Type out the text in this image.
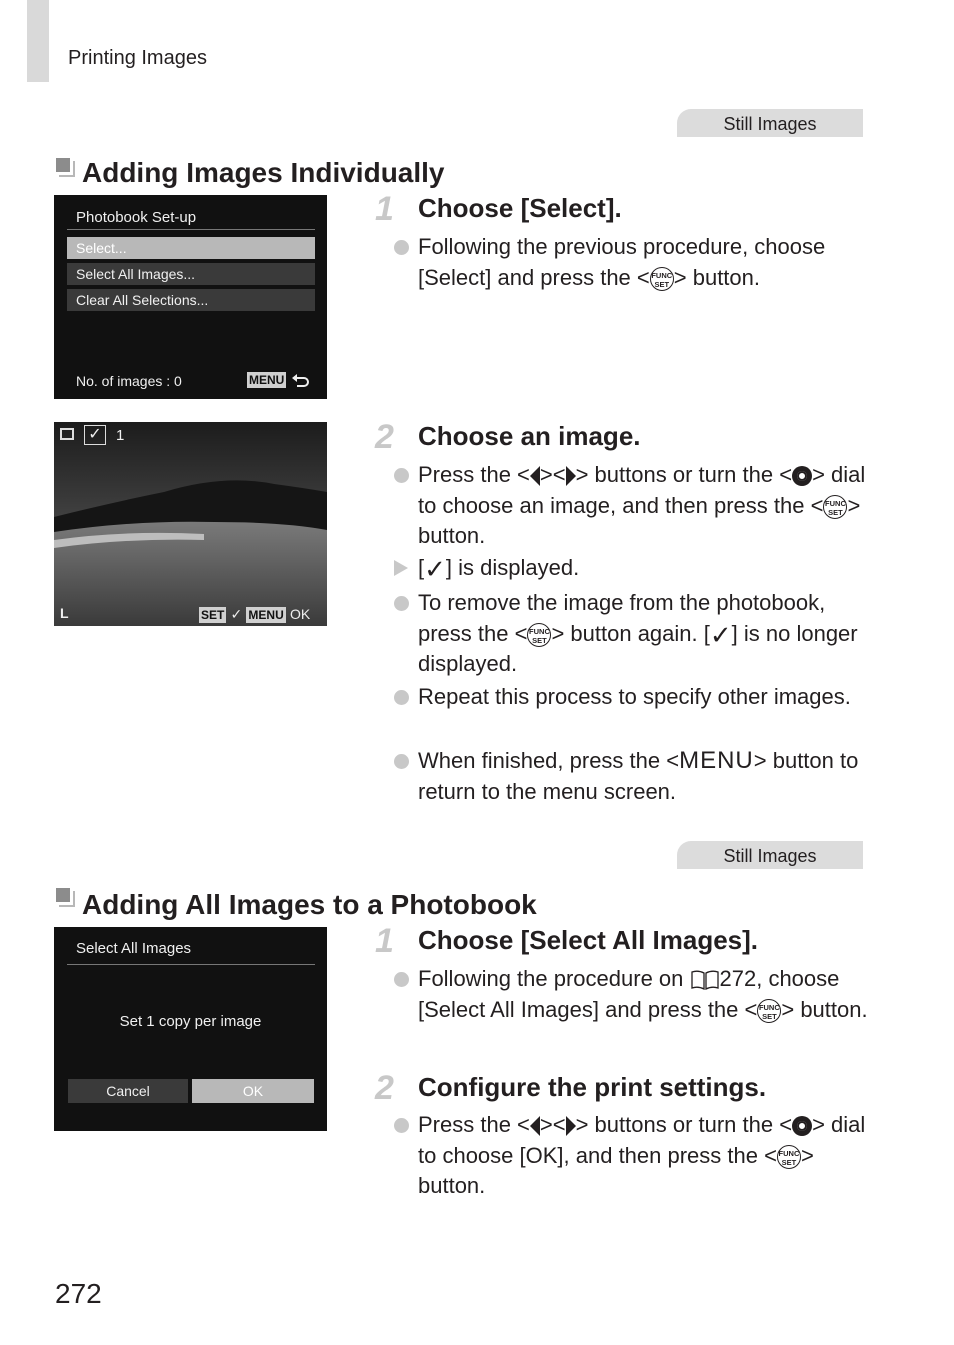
Printing Images
Still Images
Adding Images Individually
Photobook Set-up
Select...
Select All Images...
Clear All Selections...
No. of images : 0	MENU
1 Choose [Select].
Following the previous procedure, choose [Select] and press the < FUNC
SET > button.
✓ 1
L	SET ✓ MENU OK
2 Choose an image.
Press the < >< > buttons or turn the < > dial to choose an image, and then press the < FUNC
SET > button.
[✓] is displayed.
To remove the image from the photobook, press the < FUNC
SET > button again. [✓] is no longer displayed.
Repeat this process to specify other images.
When finished, press the <MENU> button to return to the menu screen.
Still Images
Adding All Images to a Photobook
Select All Images
Set 1 copy per image
Cancel	OK
1 Choose [Select All Images].
Following the procedure on 272, choose [Select All Images] and press the < FUNC
SET > button.
2 Configure the print settings.
Press the < >< > buttons or turn the < > dial to choose [OK], and then press the < FUNC
SET > button.
272
